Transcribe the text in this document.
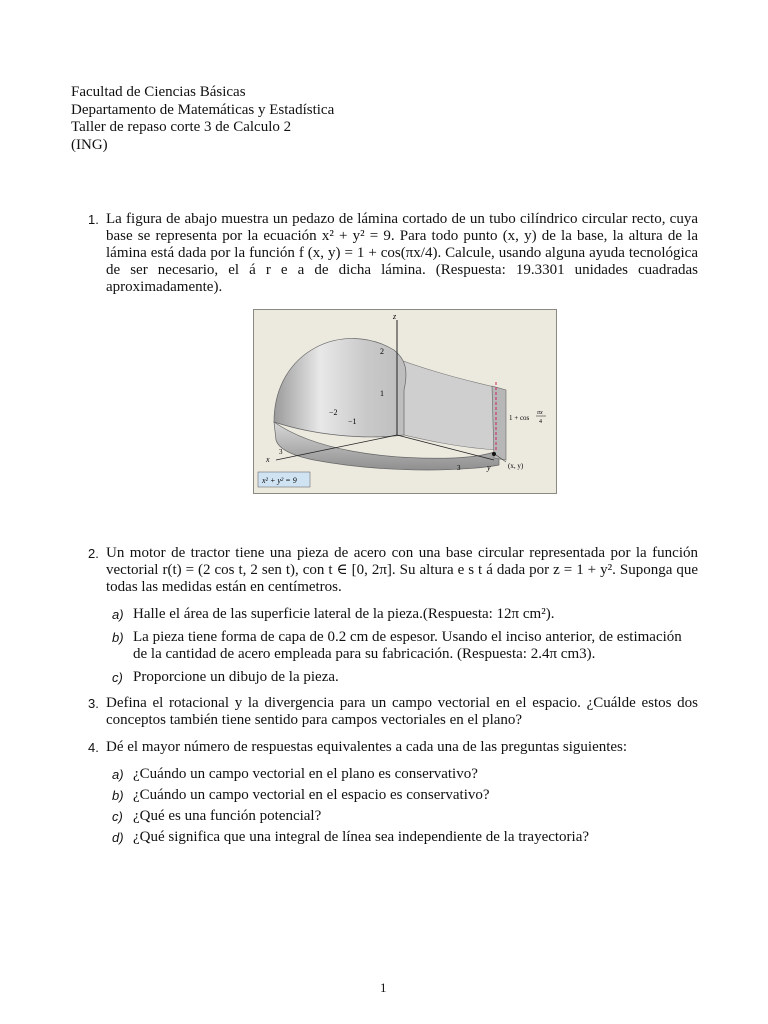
Facultad de Ciencias Básicas
Departamento de Matemáticas y Estadística
Taller de repaso corte 3 de Calculo 2
(ING)
1. La figura de abajo muestra un pedazo de lámina cortado de un tubo cilíndrico circular recto, cuya base se representa por la ecuación x² + y² = 9. Para todo punto (x, y) de la base, la altura de la lámina está dada por la función f (x, y) = 1 + cos(πx/4). Calcule, usando alguna ayuda tecnológica de ser necesario, el á r e a de dicha lámina. (Respuesta: 19.3301 unidades cuadradas aproximadamente).
z
2
1
−2
−1
3
x
3	y
1 + cos
πx
4
(x, y)
x² + y² = 9
2. Un motor de tractor tiene una pieza de acero con una base circular representada por la función vectorial r(t) = (2 cos t, 2 sen t), con t ∈ [0, 2π]. Su altura e s t á dada por z = 1 + y². Suponga que todas las medidas están en centímetros.
a) Halle el área de las superficie lateral de la pieza.(Respuesta: 12π cm²).
b) La pieza tiene forma de capa de 0.2 cm de espesor. Usando el inciso anterior, de estimación de la cantidad de acero empleada para su fabricación. (Respuesta: 2.4π cm3).
c) Proporcione un dibujo de la pieza.
3. Defina el rotacional y la divergencia para un campo vectorial en el espacio. ¿Cuálde estos dos conceptos también tiene sentido para campos vectoriales en el plano?
4. Dé el mayor número de respuestas equivalentes a cada una de las preguntas siguientes:
a) ¿Cuándo un campo vectorial en el plano es conservativo?
b) ¿Cuándo un campo vectorial en el espacio es conservativo?
c) ¿Qué es una función potencial?
d) ¿Qué significa que una integral de línea sea independiente de la trayectoria?
1
